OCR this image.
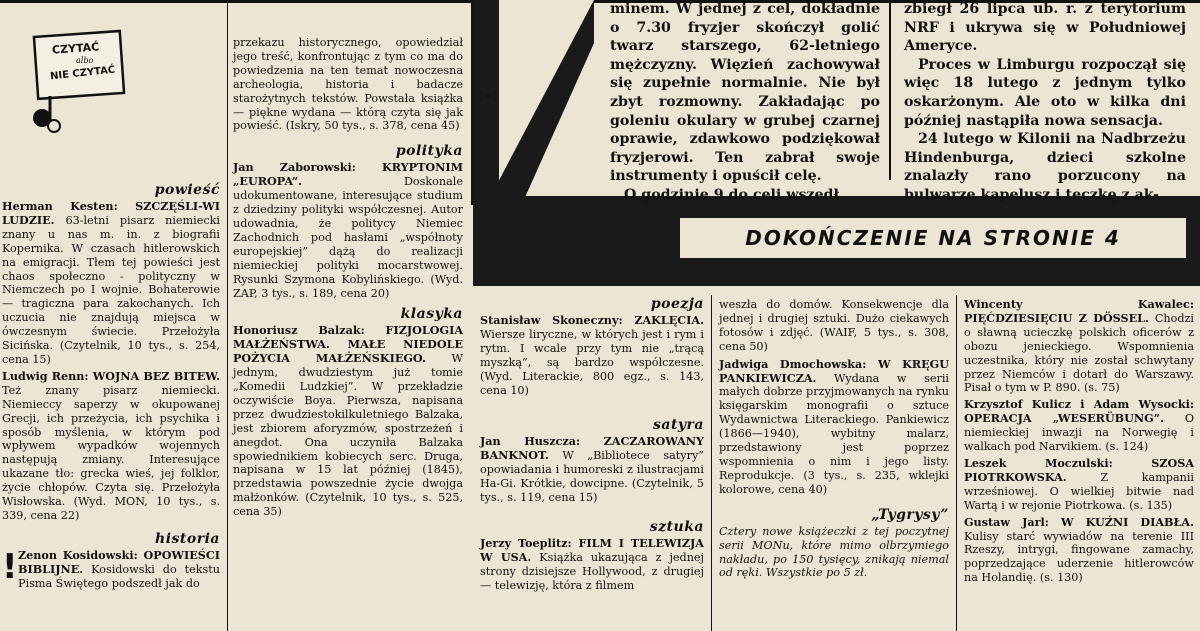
DOKOŃCZENIE NA STRONIE 4
CZYTAĆ
albo
NIE CZYTAĆ
powieść

Herman Kesten: SZCZĘŚLI-WI LUDZIE. 63-letni pisarz niemiecki znany u nas m. in. z biografii Kopernika. W czasach hitlerowskich na emigracji. Tłem tej powieści jest chaos społeczno - polityczny w Niemczech po I wojnie. Bohaterowie — tragiczna para zakochanych. Ich uczucia nie znajdują miejsca w ówczesnym świecie. Przełożyła Sicińska. (Czytelnik, 10 tys., s. 254, cena 15)

Ludwig Renn: WOJNA BEZ BITEW. Też znany pisarz niemiecki. Niemieccy saperzy w okupowanej Grecji, ich przeżycia, ich psychika i sposób myślenia, w którym pod wpływem wypadków wojennych następują zmiany. Interesujące ukazane tło: grecka wieś, jej folklor, życie chłopów. Czyta się. Przełożyła Wisłowska. (Wyd. MON, 10 tys., s. 339, cena 22)

historia

! Zenon Kosidowski: OPOWIEŚCI BIBLIJNE. Kosidowski do tekstu Pisma Świętego podszedł jak do

przekazu historycznego, opowiedział jego treść, konfrontując z tym co ma do powiedzenia na ten temat nowoczesna archeologia, historia i badacze starożytnych tekstów. Powstała książka — piękne wydana — którą czyta się jak powieść. (Iskry, 50 tys., s. 378, cena 45)

polityka

Jan Zaborowski: KRYPTONIM „EUROPA”.	Doskonale udokumentowane, interesujące studium z dziedziny polityki współczesnej. Autor udowadnia, że politycy Niemiec Zachodnich pod hasłami „współnoty europejskiej” dążą do realizacji niemieckiej polityki mocarstwowej. Rysunki Szymona Kobylińskiego. (Wyd. ZAP, 3 tys., s. 189, cena 20)

klasyka

Honoriusz Balzak: FIZJOLOGIA MAŁŻEŃSTWA. MAŁE NIEDOLE POŻYCIA MAŁŻEŃSKIEGO. W jednym, dwudziestym już tomie „Komedii Ludzkiej”. W przekładzie oczywiście Boya. Pierwsza, napisana przez dwudziestokilkuletniego Balzaka, jest zbiorem aforyzmów, spostrzeżeń i anegdot. Ona uczyniła Balzaka spowiednikiem kobiecych serc. Druga, napisana w 15 lat później (1845), przedstawia powszednie życie dwojga małżonków. (Czytelnik, 10 tys., s. 525, cena 35)

minem. W jednej z cel, dokładnie o 7.30 fryzjer skończył golić twarz starszego, 62-letniego mężczyzny. Więzień zachowywał się zupełnie normalnie. Nie był zbyt rozmowny. Zakładając po goleniu okulary w grubej czarnej oprawie, zdawkowo podziękował fryzjerowi. Ten zabrał swoje instrumenty i opuścił celę.

O godzinie 9 do celi wszedł

zbiegł 26 lipca ub. r. z terytorium NRF i ukrywa się w Południowej Ameryce.

Proces w Limburgu rozpoczął się więc 18 lutego z jednym tylko oskarżonym. Ale oto w kilka dni później nastąpiła nowa sensacja.

24 lutego w Kilonii na Nadbrzeżu Hindenburga, dzieci szkolne znalazły rano porzucony na bulwarze kapelusz i teczkę z ak-

poezja

Stanisław Skoneczny: ZAKLĘCIA. Wiersze liryczne, w których jest i rym i rytm. I wcale przy tym nie „trącą myszką”, są bardzo współczesne. (Wyd. Literackie, 800 egz., s. 143, cena 10)

satyra

Jan Huszcza: ZACZAROWANY BANKNOT. W „Bibliotece satyry” opowiadania i humoreski z ilustracjami Ha-Gi. Krótkie, dowcipne. (Czytelnik, 5 tys., s. 119, cena 15)

sztuka

Jerzy Toeplitz: FILM I TELEWIZJA W USA. Książka ukazująca z jednej strony dzisiejsze Hollywood, z drugiej — telewizję, która z filmem

weszła do domów. Konsekwencje dla jednej i drugiej sztuki. Dużo ciekawych fotosów i zdjęć. (WAIF, 5 tys., s. 308, cena 50)

Jadwiga Dmochowska: W KRĘGU PANKIEWICZA. Wydana w serii małych dobrze przyjmowanych na rynku księgarskim monografii o sztuce Wydawnictwa Literackiego. Pankiewicz (1866—1940), wybitny malarz, przedstawiony jest poprzez wspomnienia o nim i jego listy. Reprodukcje. (3 tys., s. 235, wklejki kolorowe, cena 40)

„Tygrysy”

Cztery nowe książeczki z tej poczytnej serii MONu, które mimo olbrzymiego nakładu, po 150 tysięcy, znikają niemal od ręki. Wszystkie po 5 zł.

Wincenty Kawalec: PIĘĆDZIESIĘCIU Z DÖSSEL. Chodzi o sławną ucieczkę polskich oficerów z obozu jenieckiego. Wspomnienia uczestnika, który nie został schwytany przez Niemców i dotarł do Warszawy. Pisał o tym w P. 890. (s. 75)

Krzysztof Kulicz i Adam Wysocki: OPERACJA „WESERÜBUNG”. O niemieckiej inwazji na Norwegię i walkach pod Narvikiem. (s. 124)

Leszek Moczulski: SZOSA PIOTRKOWSKA.	Z kampanii wrześniowej. O wielkiej bitwie nad Wartą i w rejonie Piotrkowa. (s. 135)

Gustaw Jarl: W KUŹNI DIABŁA. Kulisy starć wywiadów na terenie III Rzeszy, intrygi, fingowane zamachy, poprzedzające uderzenie hitlerowców na Holandię. (s. 130)
